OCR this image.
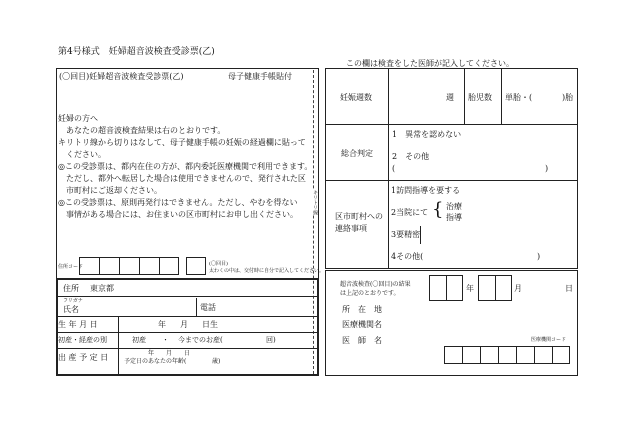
第4号様式　妊婦超音波検査受診票(乙)
(〇回目)妊婦超音波検査受診票(乙)	母子健康手帳貼付
妊婦の方へ
あなたの超音波検査結果は右のとおりです。
キリトリ線から切りはなして、母子健康手帳の妊娠の経過欄に貼って
ください。
◎この受診票は、都内在住の方が、都内委託医療機関で利用できます。
ただし、都外へ転居した場合は使用できませんので、発行された区
市町村にご返却ください。
◎この受診票は、原則再発行はできません。ただし、やむを得ない
事情がある場合には、お住まいの区市町村にお申し出ください。	キリトリ線
住所コード	(〇回目)
太わくの中は、交付時に自分で記入してください。
住所 東京都
フリガナ
氏名	電話
生 年 月 日	年 月 日生
初産・経産の別	初産 ・ 今までのお産(	回)
出 産 予 定 日	年　　月　　日
予定日のあなたの年齢(	歳)
この欄は検査をした医師が記入してください。
妊娠週数	週 胎児数 単胎・(	)胎
総合判定
1　異常を認めない
2　その他
(	)
区市町村への
連絡事項
1訪問指導を要する
2当院にて { 治療
指導
3要精密
4その他(	)
超音波検査(〇回目)の結果
は上記のとおりです。
年	月	日
所　在　地
医療機関名
医　師　名	医療機関コード
